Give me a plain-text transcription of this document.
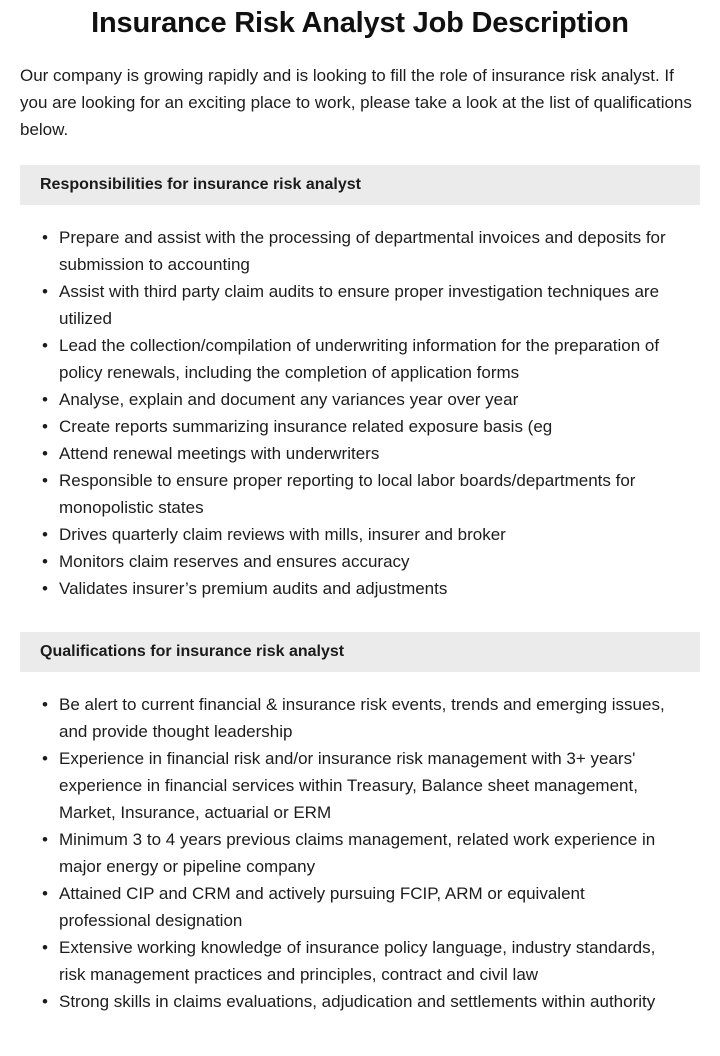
Insurance Risk Analyst Job Description

Our company is growing rapidly and is looking to fill the role of insurance risk analyst. If you are looking for an exciting place to work, please take a look at the list of qualifications below.

Responsibilities for insurance risk analyst
• Prepare and assist with the processing of departmental invoices and deposits for submission to accounting
• Assist with third party claim audits to ensure proper investigation techniques are utilized
• Lead the collection/compilation of underwriting information for the preparation of policy renewals, including the completion of application forms
• Analyse, explain and document any variances year over year
• Create reports summarizing insurance related exposure basis (eg
• Attend renewal meetings with underwriters
• Responsible to ensure proper reporting to local labor boards/departments for monopolistic states
• Drives quarterly claim reviews with mills, insurer and broker
• Monitors claim reserves and ensures accuracy
• Validates insurer’s premium audits and adjustments
Qualifications for insurance risk analyst
• Be alert to current financial & insurance risk events, trends and emerging issues, and provide thought leadership
• Experience in financial risk and/or insurance risk management with 3+ years' experience in financial services within Treasury, Balance sheet management, Market, Insurance, actuarial or ERM
• Minimum 3 to 4 years previous claims management, related work experience in major energy or pipeline company
• Attained CIP and CRM and actively pursuing FCIP, ARM or equivalent professional designation
• Extensive working knowledge of insurance policy language, industry standards, risk management practices and principles, contract and civil law
• Strong skills in claims evaluations, adjudication and settlements within authority
